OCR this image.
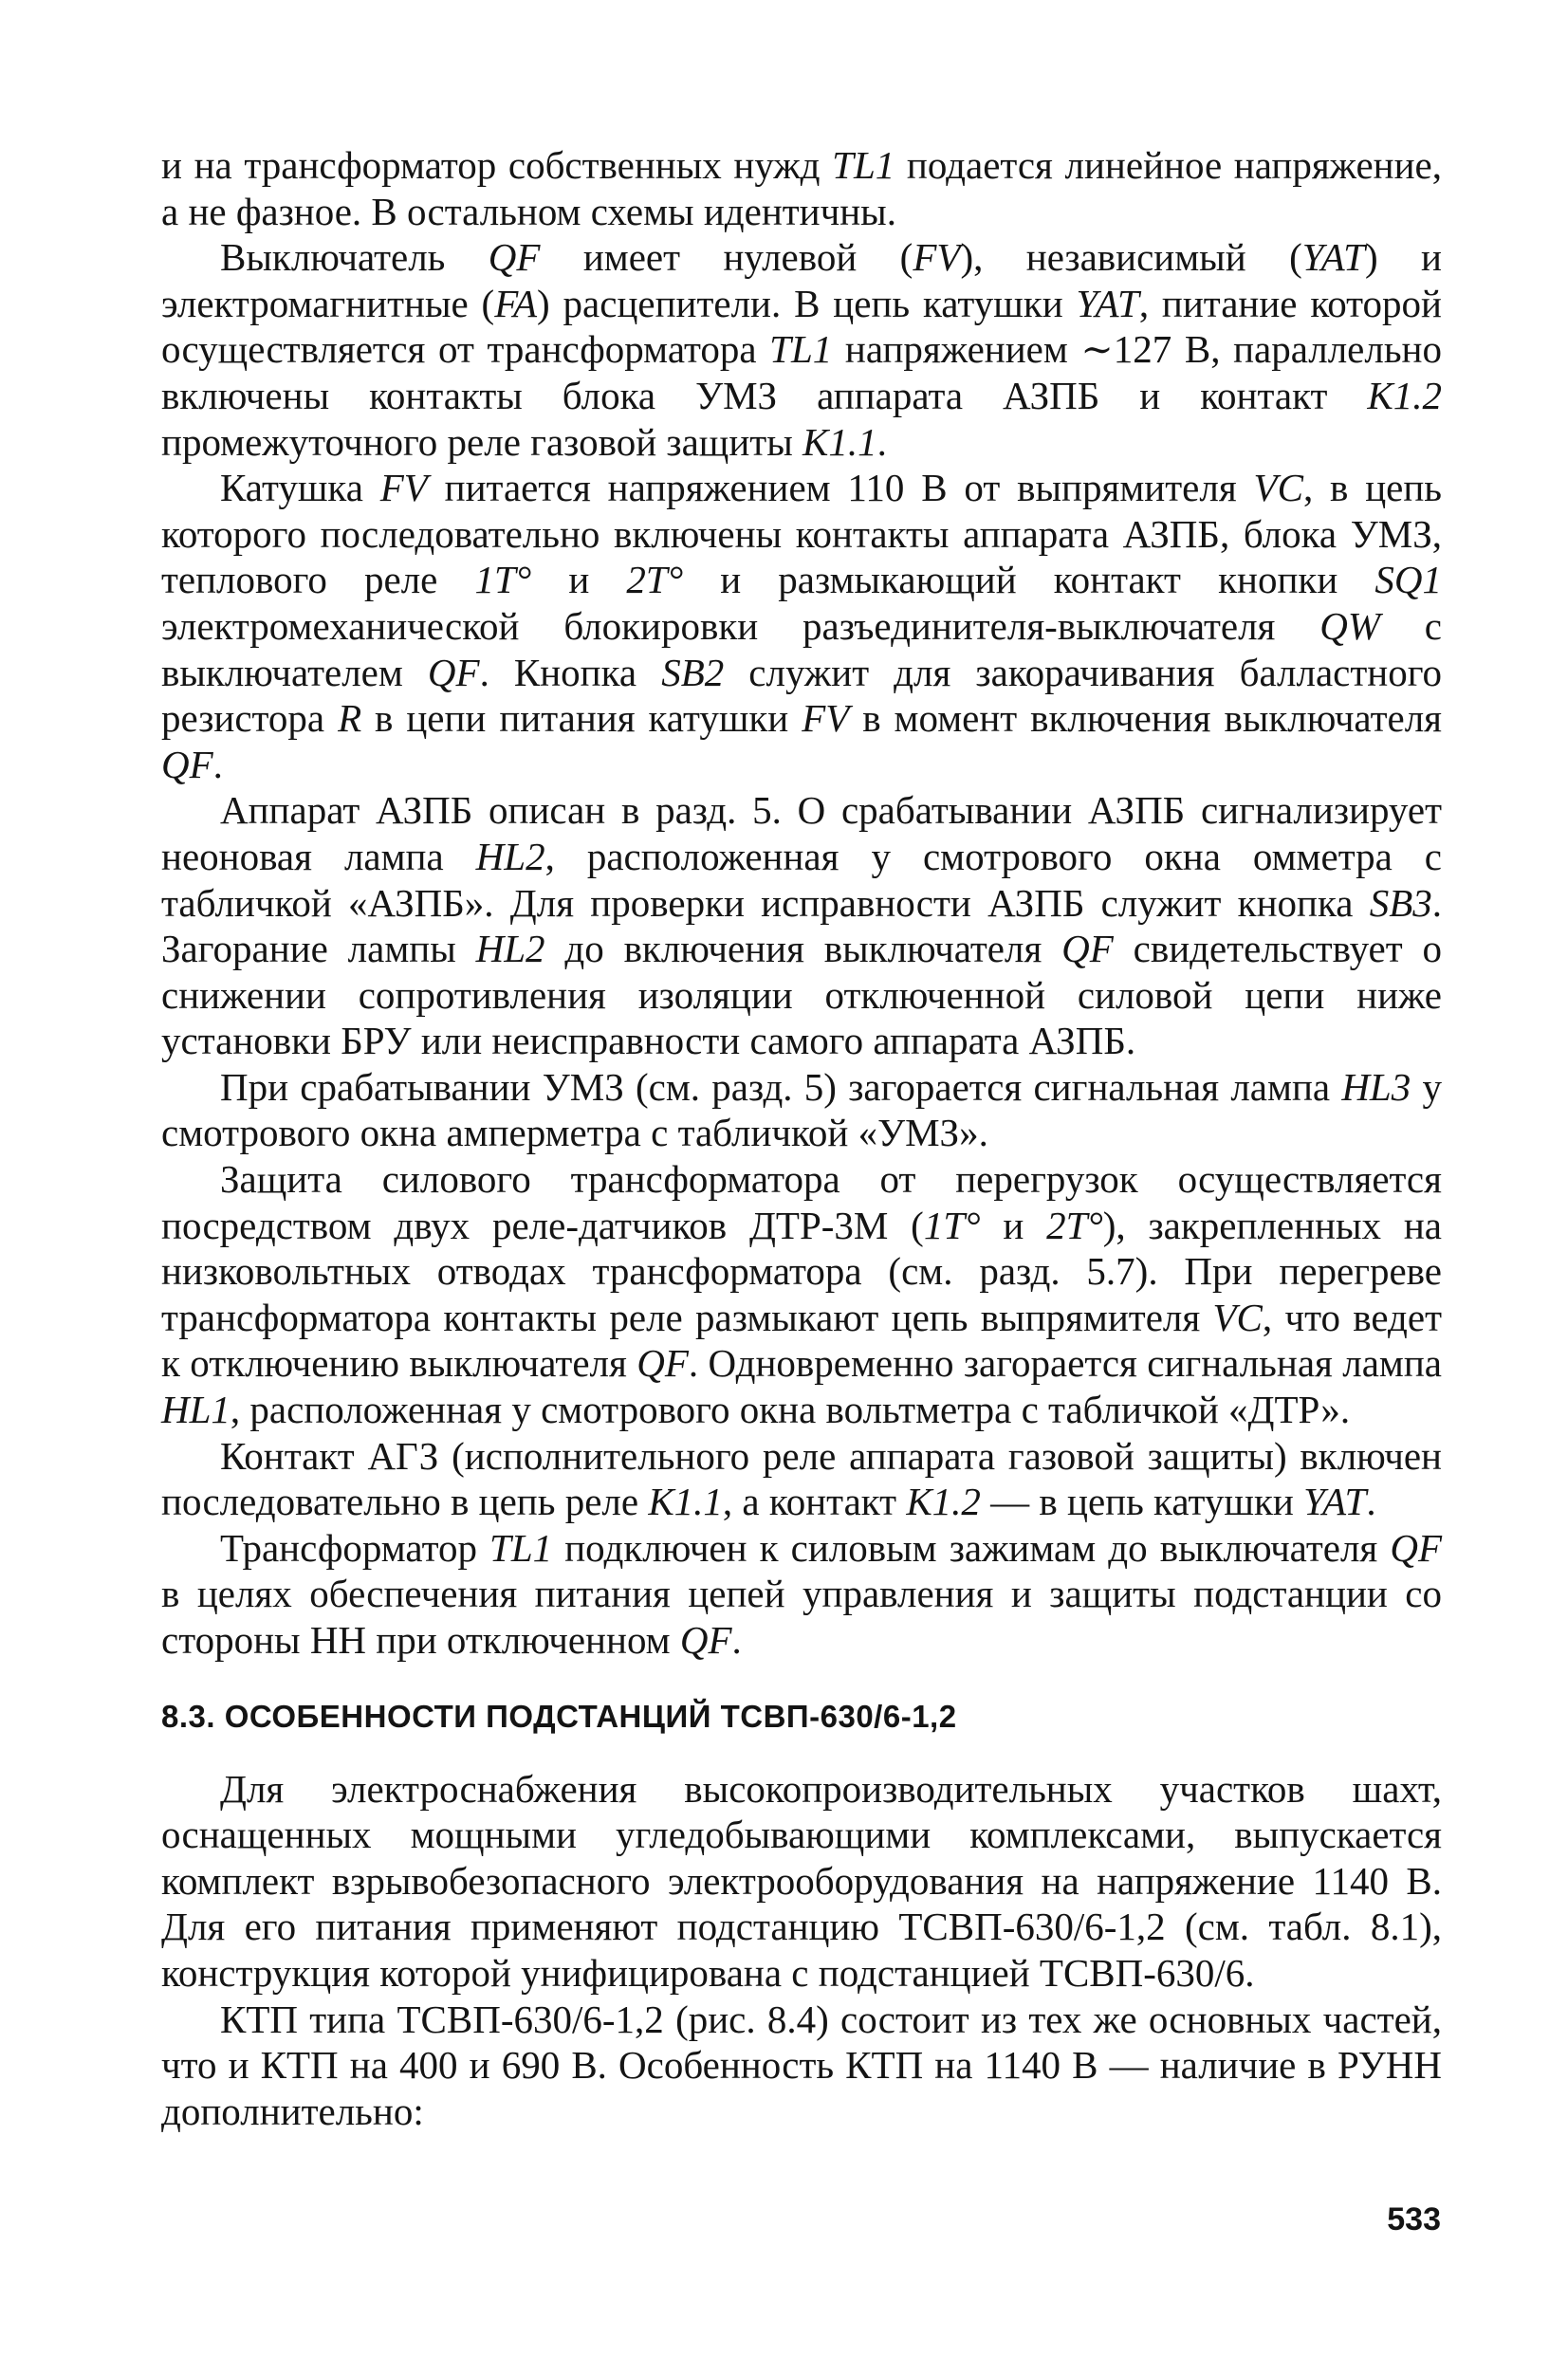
и на трансформатор собственных нужд TL1 подается линейное напряжение, а не фазное. В остальном схемы идентичны.

Выключатель QF имеет нулевой (FV), независимый (YAT) и электромагнитные (FA) расцепители. В цепь катушки YAT, питание которой осуществляется от трансформатора TL1 напряжением ∼127 В, параллельно включены контакты блока УМЗ аппарата АЗПБ и контакт K1.2 промежуточного реле газовой защиты K1.1.

Катушка FV питается напряжением 110 В от выпрямителя VC, в цепь которого последовательно включены контакты аппарата АЗПБ, блока УМЗ, теплового реле 1T° и 2T° и размыкающий контакт кнопки SQ1 электромеханической блокировки разъединителя-выключателя QW с выключателем QF. Кнопка SB2 служит для закорачивания балластного резистора R в цепи питания катушки FV в момент включения выключателя QF.

Аппарат АЗПБ описан в разд. 5. О срабатывании АЗПБ сигнализирует неоновая лампа HL2, расположенная у смотрового окна омметра с табличкой «АЗПБ». Для проверки исправности АЗПБ служит кнопка SB3. Загорание лампы HL2 до включения выключателя QF свидетельствует о снижении сопротивления изоляции отключенной силовой цепи ниже установки БРУ или неисправности самого аппарата АЗПБ.

При срабатывании УМЗ (см. разд. 5) загорается сигнальная лампа HL3 у смотрового окна амперметра с табличкой «УМЗ».

Защита силового трансформатора от перегрузок осуществляется посредством двух реле-датчиков ДТР-3М (1T° и 2T°), закрепленных на низковольтных отводах трансформатора (см. разд. 5.7). При перегреве трансформатора контакты реле размыкают цепь выпрямителя VC, что ведет к отключению выключателя QF. Одновременно загорается сигнальная лампа HL1, расположенная у смотрового окна вольтметра с табличкой «ДТР».

Контакт АГЗ (исполнительного реле аппарата газовой защиты) включен последовательно в цепь реле K1.1, а контакт K1.2 — в цепь катушки YAT.

Трансформатор TL1 подключен к силовым зажимам до выключателя QF в целях обеспечения питания цепей управления и защиты подстанции со стороны НН при отключенном QF.

8.3. ОСОБЕННОСТИ ПОДСТАНЦИЙ ТСВП-630/6-1,2

Для электроснабжения высокопроизводительных участков шахт, оснащенных мощными угледобывающими комплексами, выпускается комплект взрывобезопасного электрооборудования на напряжение 1140 В. Для его питания применяют подстанцию ТСВП-630/6-1,2 (см. табл. 8.1), конструкция которой унифицирована с подстанцией ТСВП-630/6.

КТП типа ТСВП-630/6-1,2 (рис. 8.4) состоит из тех же основных частей, что и КТП на 400 и 690 В. Особенность КТП на 1140 В — наличие в РУНН дополнительно:

533
